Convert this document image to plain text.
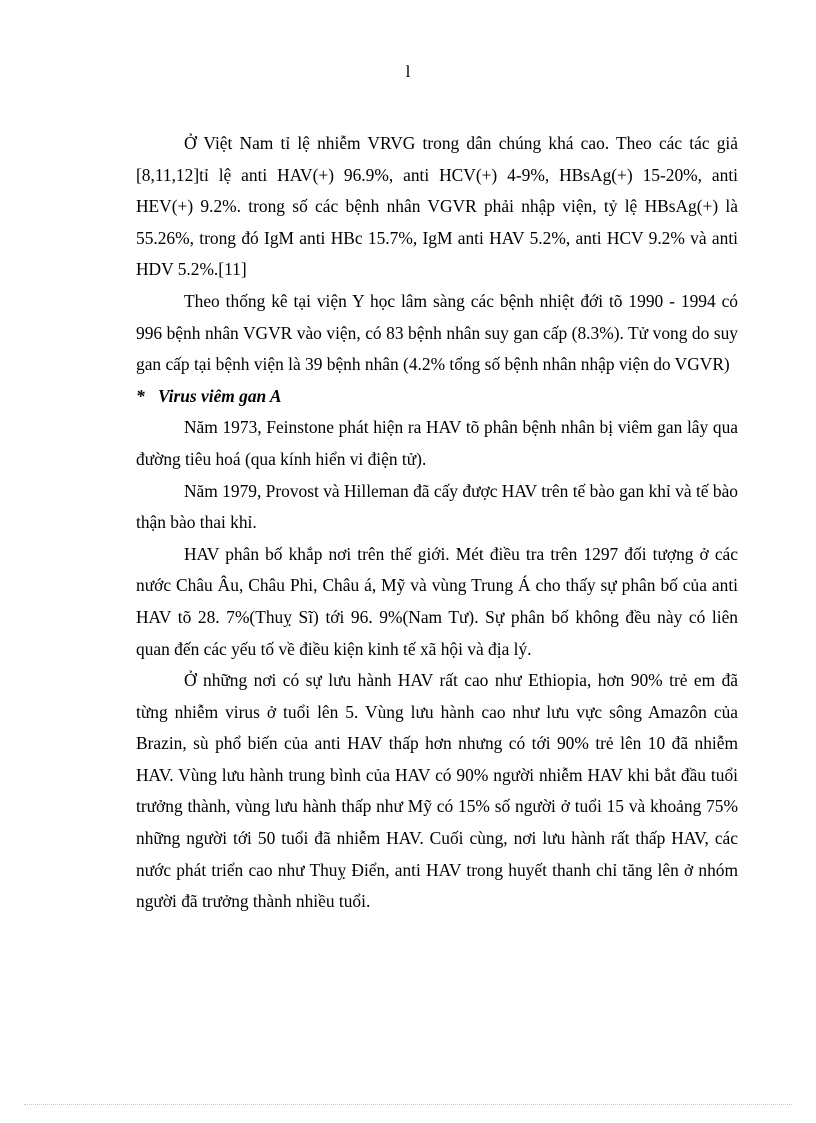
l

Ở Việt Nam tỉ lệ nhiễm VRVG trong dân chúng khá cao. Theo các tác giả [8,11,12]tỉ lệ anti HAV(+) 96.9%, anti HCV(+) 4-9%, HBsAg(+) 15-20%, anti HEV(+) 9.2%. trong số các bệnh nhân VGVR phải nhập viện, tỷ lệ HBsAg(+) là 55.26%, trong đó IgM anti HBc 15.7%, IgM anti HAV 5.2%, anti HCV 9.2% và anti HDV 5.2%.[11]

Theo thống kê tại viện Y học lâm sàng các bệnh nhiệt đới tõ 1990 - 1994 có 996 bệnh nhân VGVR vào viện, có 83 bệnh nhân suy gan cấp (8.3%). Tử vong do suy gan cấp tại bệnh viện là 39 bệnh nhân (4.2% tổng số bệnh nhân nhập viện do VGVR)

* Virus viêm gan A

Năm 1973, Feinstone phát hiện ra HAV tõ phân bệnh nhân bị viêm gan lây qua đường tiêu hoá (qua kính hiển vi điện tử).

Năm 1979, Provost và Hilleman đã cấy được HAV trên tế bào gan khỉ và tế bào thận bào thai khỉ.

HAV phân bố khắp nơi trên thế giới. Mét điều tra trên 1297 đối tượng ở các nước Châu Âu, Châu Phi, Châu á, Mỹ và vùng Trung Á cho thấy sự phân bố của anti HAV tõ 28. 7%(Thuỵ Sĩ) tới 96. 9%(Nam Tư). Sự phân bố không đều này có liên quan đến các yếu tố về điều kiện kinh tế xã hội và địa lý.

Ở những nơi có sự lưu hành HAV rất cao như Ethiopia, hơn 90% trẻ em đã từng nhiễm virus ở tuổi lên 5. Vùng lưu hành cao như lưu vực sông Amazôn của Brazin, sù phổ biến của anti HAV thấp hơn nhưng có tới 90% trẻ lên 10 đã nhiễm HAV. Vùng lưu hành trung bình của HAV có 90% người nhiễm HAV khi bắt đầu tuổi trưởng thành, vùng lưu hành thấp như Mỹ có 15% số người ở tuổi 15 và khoảng 75% những người tới 50 tuổi đã nhiễm HAV. Cuối cùng, nơi lưu hành rất thấp HAV, các nước phát triển cao như Thuỵ Điển, anti HAV trong huyết thanh chỉ tăng lên ở nhóm người đã trưởng thành nhiều tuổi.
